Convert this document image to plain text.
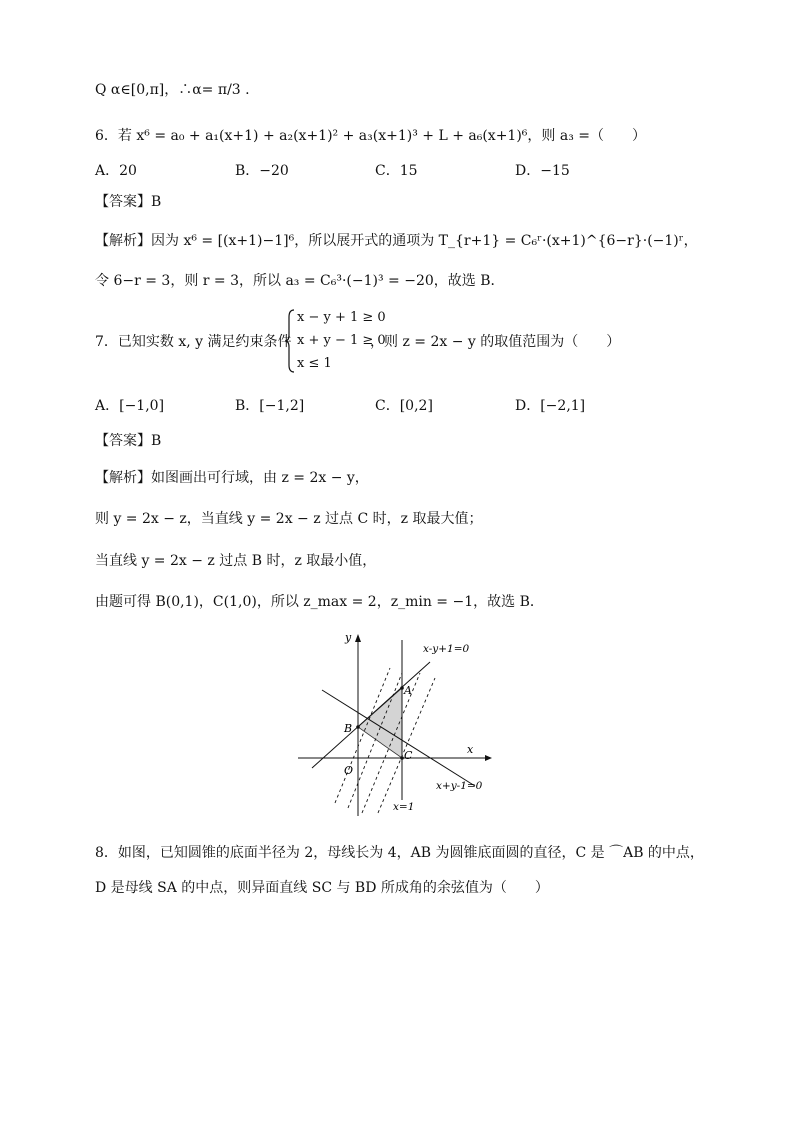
Q α∈[0,π]，∴α= π/3 .
6．若 x⁶ = a₀ + a₁(x+1) + a₂(x+1)² + a₃(x+1)³ + L + a₆(x+1)⁶，则 a₃ =（　　）
A．20	B．−20	C．15	D．−15
【答案】B
【解析】因为 x⁶ = [(x+1)−1]⁶，所以展开式的通项为 T_{r+1} = C₆ʳ·(x+1)^{6−r}·(−1)ʳ，
令 6−r = 3，则 r = 3，所以 a₃ = C₆³·(−1)³ = −20，故选 B．
7．已知实数 x, y 满足约束条件
x − y + 1 ≥ 0
x + y − 1 ≥ 0
x ≤ 1
，则 z = 2x − y 的取值范围为（　　）
A．[−1,0]	B．[−1,2]	C．[0,2]	D．[−2,1]
【答案】B
【解析】如图画出可行域，由 z = 2x − y，
则 y = 2x − z，当直线 y = 2x − z 过点 C 时，z 取最大值；
当直线 y = 2x − z 过点 B 时，z 取最小值，
由题可得 B(0,1)，C(1,0)，所以 z_max = 2，z_min = −1，故选 B．
y
x
O
A
B
C
x-y+1=0
x+y-1=0
x=1
8．如图，已知圆锥的底面半径为 2，母线长为 4，AB 为圆锥底面圆的直径，C 是 ⌒AB 的中点，
D 是母线 SA 的中点，则异面直线 SC 与 BD 所成角的余弦值为（　　）
